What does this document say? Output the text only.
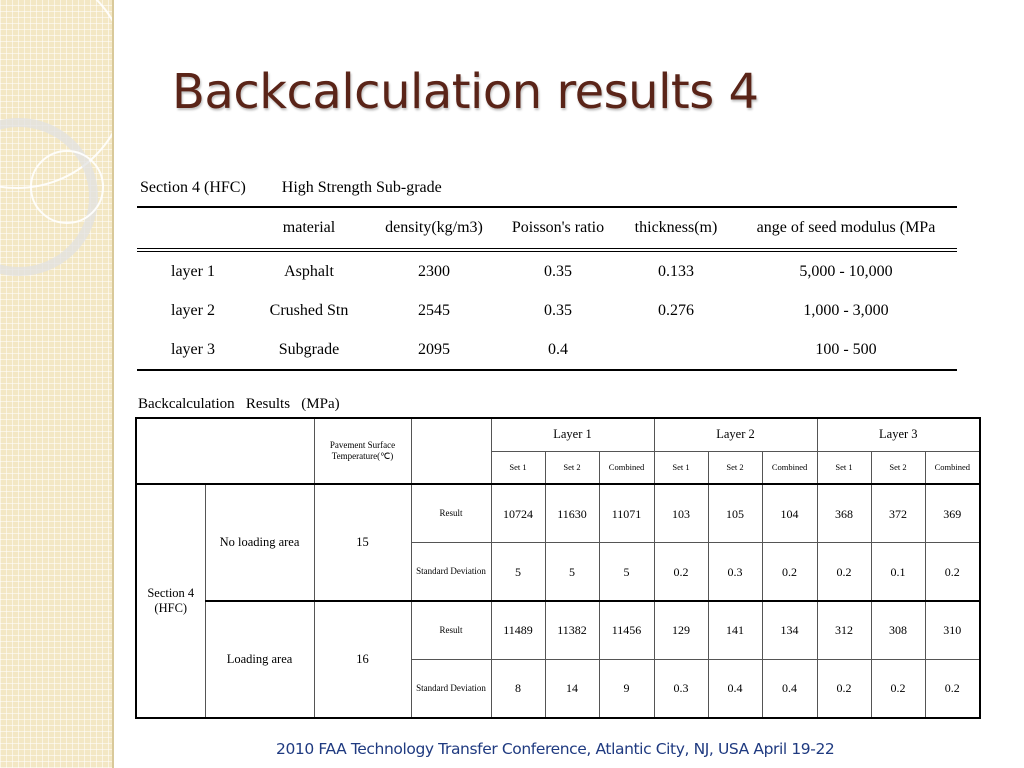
Backcalculation results 4
Section 4 (HFC) High Strength Sub-grade
	material	density(kg/m3)	Poisson's ratio	thickness(m)	ange of seed modulus (MPa
layer 1	Asphalt	2300	0.35	0.133	5,000 - 10,000
layer 2	Crushed Stn	2545	0.35	0.276	1,000 - 3,000
layer 3	Subgrade	2095	0.4		100 - 500
Backcalculation   Results   (MPa)
		Pavement Surface Temperature(℃)		Layer 1			Layer 2			Layer 3		
				Set 1	Set 2	Combined	Set 1	Set 2	Combined	Set 1	Set 2	Combined
Section 4 (HFC)	No loading area	15	Result	10724	11630	11071	103	105	104	368	372	369
			Standard Deviation	5	5	5	0.2	0.3	0.2	0.2	0.1	0.2
	Loading area	16	Result	11489	11382	11456	129	141	134	312	308	310
			Standard Deviation	8	14	9	0.3	0.4	0.4	0.2	0.2	0.2

2010 FAA Technology Transfer Conference, Atlantic City, NJ, USA April 19-22
